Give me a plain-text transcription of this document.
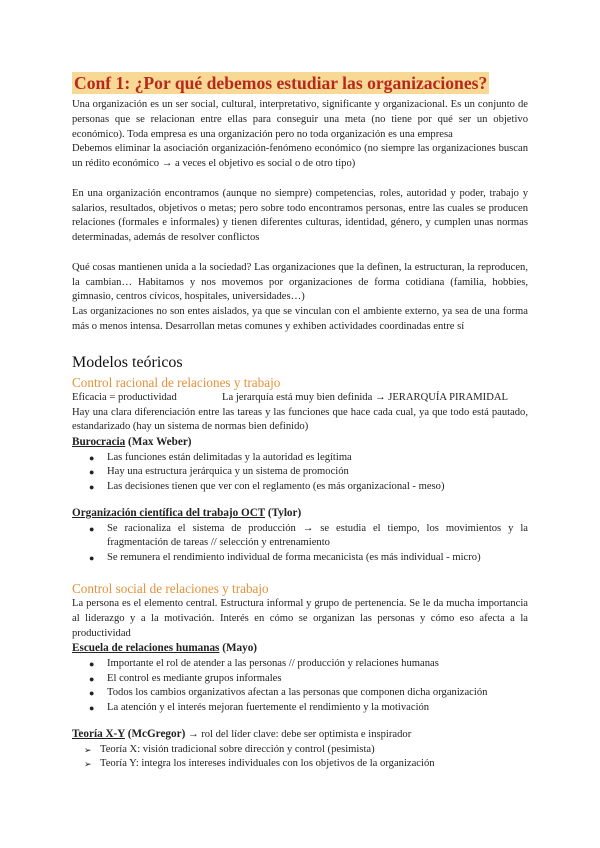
Conf 1: ¿Por qué debemos estudiar las organizaciones?

Una organización es un ser social, cultural, interpretativo, significante y organizacional. Es un conjunto de personas que se relacionan entre ellas para conseguir una meta (no tiene por qué ser un objetivo económico). Toda empresa es una organización pero no toda organización es una empresa

Debemos eliminar la asociación organización-fenómeno económico (no siempre las organizaciones buscan un rédito económico → a veces el objetivo es social o de otro tipo)

En una organización encontramos (aunque no siempre) competencias, roles, autoridad y poder, trabajo y salarios, resultados, objetivos o metas; pero sobre todo encontramos personas, entre las cuales se producen relaciones (formales e informales) y tienen diferentes culturas, identidad, género, y cumplen unas normas determinadas, además de resolver conflictos

Qué cosas mantienen unida a la sociedad? Las organizaciones que la definen, la estructuran, la reproducen, la cambian… Habitamos y nos movemos por organizaciones de forma cotidiana (familia, hobbies, gimnasio, centros cívicos, hospitales, universidades…)

Las organizaciones no son entes aislados, ya que se vinculan con el ambiente externo, ya sea de una forma más o menos intensa. Desarrollan metas comunes y exhiben actividades coordinadas entre sí

Modelos teóricos
Control racional de relaciones y trabajo
Eficacia = productividad	La jerarquía está muy bien definida → JERARQUÍA PIRAMIDAL

Hay una clara diferenciación entre las tareas y las funciones que hace cada cual, ya que todo está pautado, estandarizado (hay un sistema de normas bien definido)

Burocracia (Max Weber)
● Las funciones están delimitadas y la autoridad es legítima
● Hay una estructura jerárquica y un sistema de promoción
● Las decisiones tienen que ver con el reglamento (es más organizacional - meso)
Organización científica del trabajo OCT (Tylor)
● Se racionaliza el sistema de producción → se estudia el tiempo, los movimientos y la fragmentación de tareas // selección y entrenamiento
● Se remunera el rendimiento individual de forma mecanicista (es más individual - micro)
Control social de relaciones y trabajo

La persona es el elemento central. Estructura informal y grupo de pertenencia. Se le da mucha importancia al liderazgo y a la motivación. Interés en cómo se organizan las personas y cómo eso afecta a la productividad

Escuela de relaciones humanas (Mayo)
● Importante el rol de atender a las personas // producción y relaciones humanas
● El control es mediante grupos informales
● Todos los cambios organizativos afectan a las personas que componen dicha organización
● La atención y el interés mejoran fuertemente el rendimiento y la motivación
Teoría X-Y (McGregor) → rol del líder clave: debe ser optimista e inspirador
➢ Teoría X: visión tradicional sobre dirección y control (pesimista)
➢ Teoría Y: integra los intereses individuales con los objetivos de la organización
